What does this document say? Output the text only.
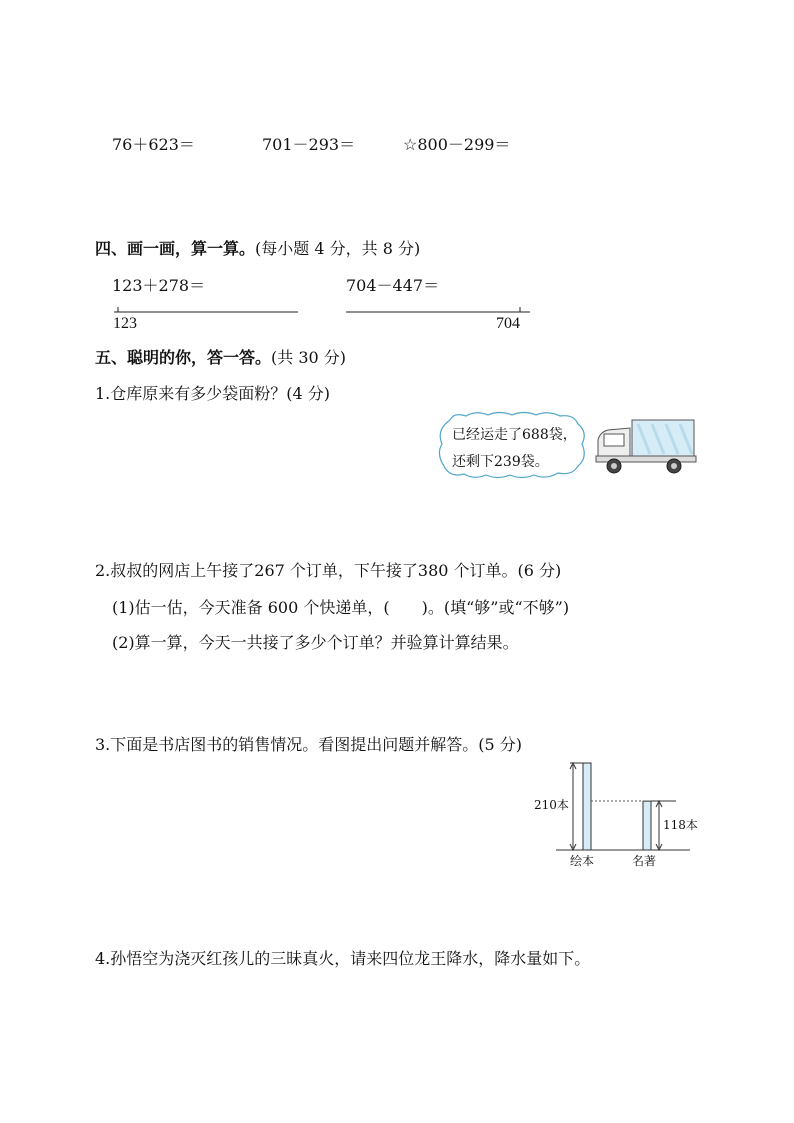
76＋623＝	701－293＝	☆800－299＝
四、画一画，算一算。(每小题 4 分，共 8 分)
123＋278＝	704－447＝
123	704
五、聪明的你，答一答。(共 30 分)
1.仓库原来有多少袋面粉？(4 分)
已经运走了688袋，
还剩下239袋。
2.叔叔的网店上午接了267 个订单，下午接了380 个订单。(6 分)
(1)估一估，今天准备 600 个快递单，(　　)。(填“够”或“不够”)
(2)算一算，今天一共接了多少个订单？并验算计算结果。
3.下面是书店图书的销售情况。看图提出问题并解答。(5 分)
210本
118本
绘本	名著
4.孙悟空为浇灭红孩儿的三昧真火，请来四位龙王降水，降水量如下。
